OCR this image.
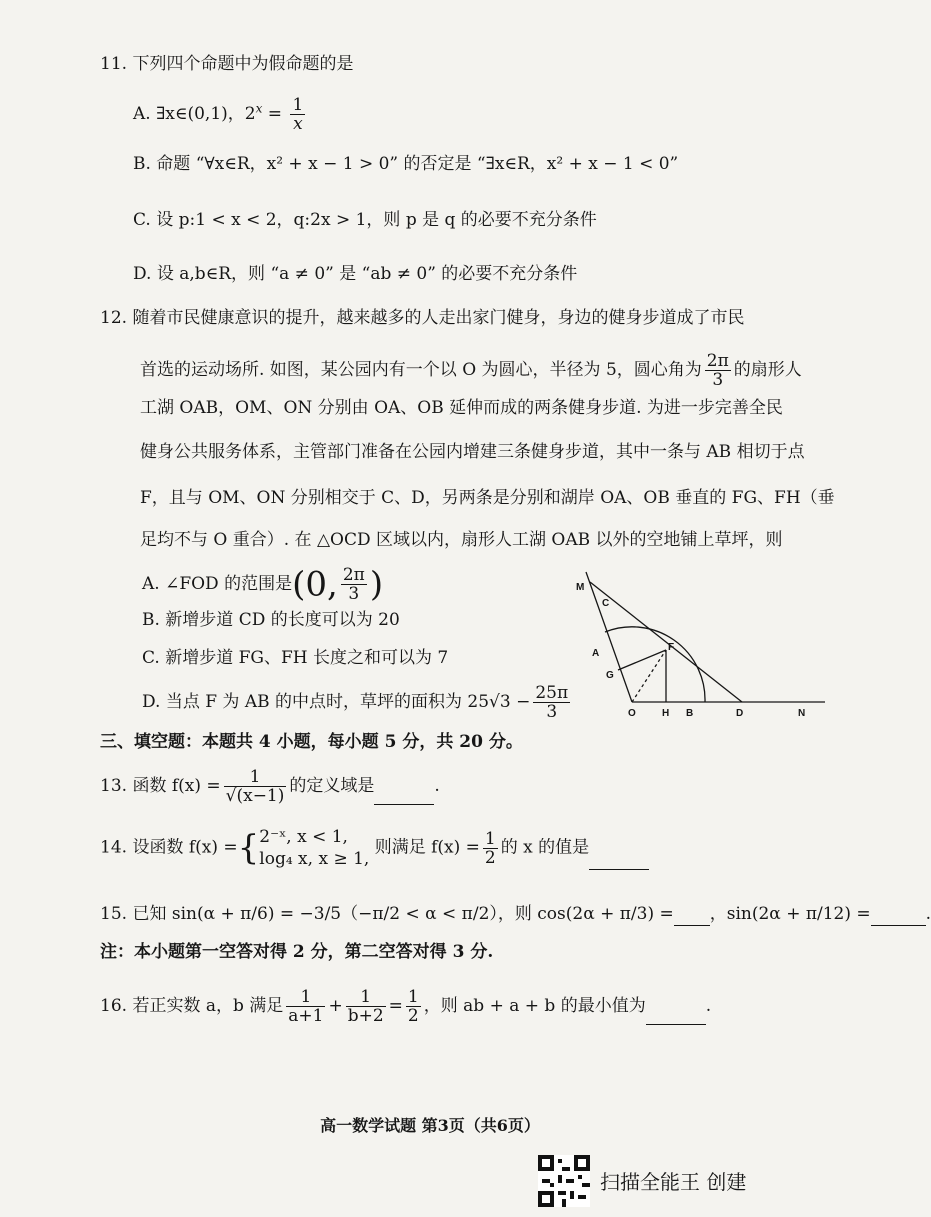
11. 下列四个命题中为假命题的是
A. ∃x∈(0,1)，$2^x = \frac{1}{x}$
B. 命题 “∀x∈R，x² + x − 1 > 0” 的否定是 “∃x∈R，x² + x − 1 < 0”
C. 设 p:1 < x < 2，q:2x > 1，则 p 是 q 的必要不充分条件
D. 设 a,b∈R，则 “a ≠ 0” 是 “ab ≠ 0” 的必要不充分条件
12. 随着市民健康意识的提升，越来越多的人走出家门健身，身边的健身步道成了市民
首选的运动场所. 如图，某公园内有一个以 O 为圆心，半径为 5，圆心角为 $\frac{2\pi}{3}$ 的扇形人
工湖 OAB，OM、ON 分别由 OA、OB 延伸而成的两条健身步道. 为进一步完善全民
健身公共服务体系，主管部门准备在公园内增建三条健身步道，其中一条与 AB 相切于点
F，且与 OM、ON 分别相交于 C、D，另两条是分别和湖岸 OA、OB 垂直的 FG、FH（垂
足均不与 O 重合）. 在 △OCD 区域以内，扇形人工湖 OAB 以外的空地铺上草坪，则
A. ∠FOD 的范围是(0, $\frac{2\pi}{3}$ )
B. 新增步道 CD 的长度可以为 20
C. 新增步道 FG、FH 长度之和可以为 7
D. 当点 F 为 AB 的中点时，草坪的面积为 $25√3 - \frac{25\pi}{3}$
M
C
A
F
G
O	H B	D	N
三、填空题：本题共 4 小题，每小题 5 分，共 20 分。
13. 函数 $f(x) = \frac{1}{√(x-1)}$ 的定义域是	.
14. 设函数 f(x) ={ 2⁻ˣ, x < 1,
log₄ x, x ≥ 1,
则满足 $f(x) = \frac{1}{2}$ 的 x 的值是
15. 已知 sin(α + π/6) = −3/5（−π/2 < α < π/2），则 cos(2α + π/3) = ，sin(2α + π/12) =	.
注：本小题第一空答对得 2 分，第二空答对得 3 分.
16. 若正实数 a，b 满足 $\frac{1}{a+1} + \frac{1}{b+2} = \frac{1}{2}$ ，则 ab + a + b 的最小值为	.
高一数学试题 第3页（共6页）
扫描全能王 创建
